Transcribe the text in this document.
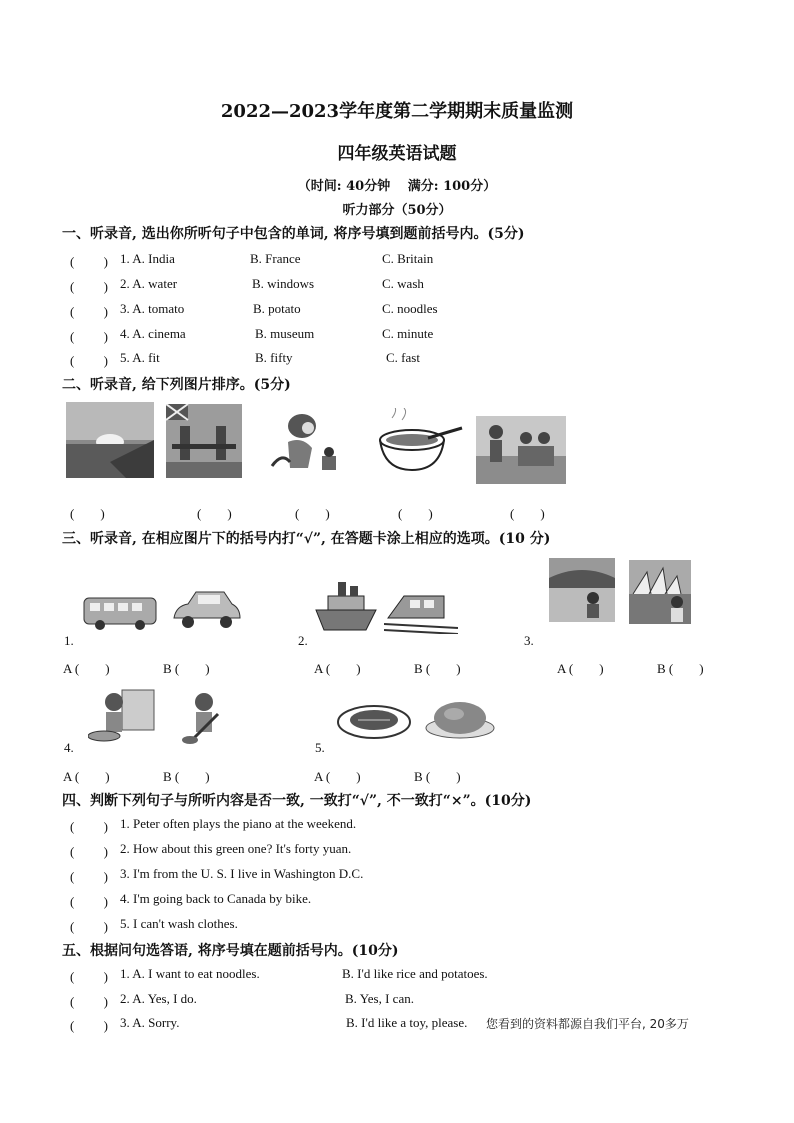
2022—2023学年度第二学期期末质量监测
四年级英语试题
（时间: 40分钟　 满分: 100分）
听力部分（50分）
一、听录音, 选出你所听句子中包含的单词, 将序号填到题前括号内。(5分)
(　　 ) 1. A. India	B. France	C. Britain
(　　 ) 2. A. water	B. windows	C. wash
(　　 ) 3. A. tomato	B. potato	C. noodles
(　　 ) 4. A. cinema	B. museum	C. minute
(　　 ) 5. A. fit	B. fifty	C. fast
二、听录音, 给下列图片排序。(5分)
(　　)	(　　)	(　　)	(　　)	(　　)
三、听录音, 在相应图片下的括号内打“√”, 在答题卡涂上相应的选项。(10 分)
1.
A (　　)	B (　　)
2.
A (　　)	B (　　)
3.
A (　　)	B (　　)
4.
A (　　)	B (　　)
5.
A (　　)	B (　　)
四、判断下列句子与所听内容是否一致, 一致打“√”, 不一致打“×”。(10分)
(　　 ) 1. Peter often plays the piano at the weekend.
(　　 ) 2. How about this green one? It's forty yuan.
(　　 ) 3. I'm from the U. S. I live in Washington D.C.
(　　 ) 4. I'm going back to Canada by bike.
(　　 ) 5. I can't wash clothes.
五、根据问句选答语, 将序号填在题前括号内。(10分)
(　　 ) 1. A. I want to eat noodles.	B. I'd like rice and potatoes.
(　　 ) 2. A. Yes, I do.	B. Yes, I can.
(　　 ) 3. A. Sorry.	B. I'd like a toy, please. 您看到的资料都源自我们平台, 20多万
